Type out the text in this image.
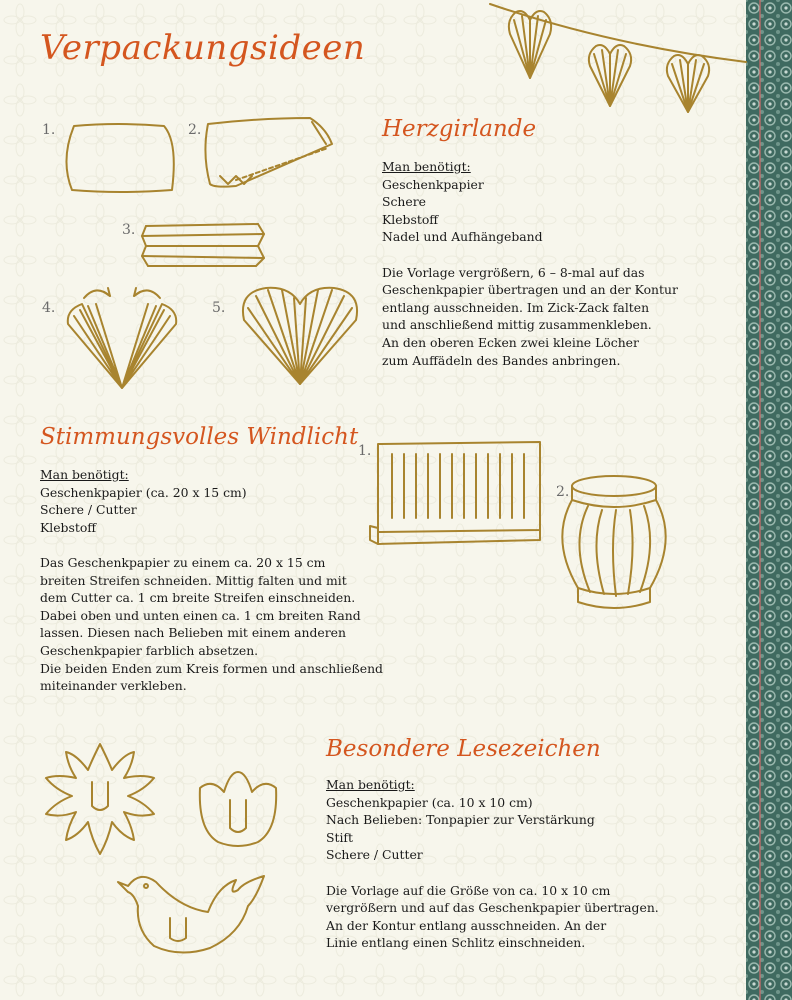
Verpackungsideen
Herzgirlande
Stimmungsvolles Windlicht
Besondere Lesezeichen
Man benötigt:
Geschenkpapier
Schere
Klebstoff
Nadel und Aufhängeband
Die Vorlage vergrößern, 6 – 8-mal auf das
Geschenkpapier übertragen und an der Kontur
entlang ausschneiden. Im Zick-Zack falten
und anschließend mittig zusammenkleben.
An den oberen Ecken zwei kleine Löcher
zum Auffädeln des Bandes anbringen.
Man benötigt:
Geschenkpapier (ca. 20 x 15 cm)
Schere / Cutter
Klebstoff
Das Geschenkpapier zu einem ca. 20 x 15 cm
breiten Streifen schneiden. Mittig falten und mit
dem Cutter ca. 1 cm breite Streifen einschneiden.
Dabei oben und unten einen ca. 1 cm breiten Rand
lassen. Diesen nach Belieben mit einem anderen
Geschenkpapier farblich absetzen.
Die beiden Enden zum Kreis formen und anschließend
miteinander verkleben.
Man benötigt:
Geschenkpapier (ca. 10 x 10 cm)
Nach Belieben: Tonpapier zur Verstärkung
Stift
Schere / Cutter
Die Vorlage auf die Größe von ca. 10 x 10 cm
vergrößern und auf das Geschenkpapier übertragen.
An der Kontur entlang ausschneiden. An der
Linie entlang einen Schlitz einschneiden.
1.	2.
3.
4.	5.
1.
2.
